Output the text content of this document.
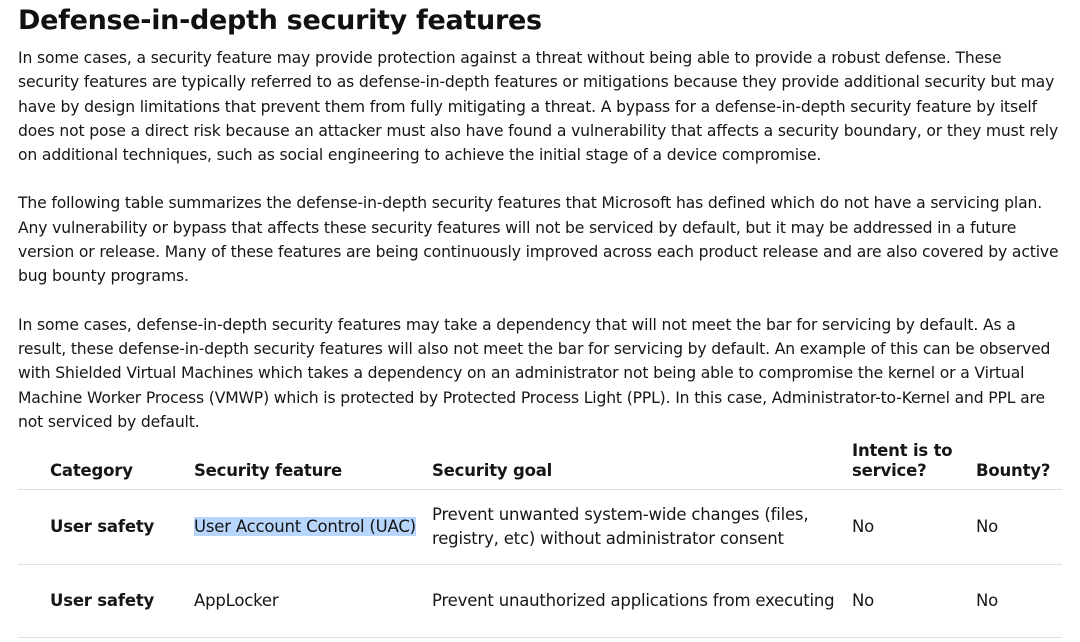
Defense-in-depth security features

In some cases, a security feature may provide protection against a threat without being able to provide a robust defense. These security features are typically referred to as defense-in-depth features or mitigations because they provide additional security but may have by design limitations that prevent them from fully mitigating a threat. A bypass for a defense-in-depth security feature by itself does not pose a direct risk because an attacker must also have found a vulnerability that affects a security boundary, or they must rely on additional techniques, such as social engineering to achieve the initial stage of a device compromise.

The following table summarizes the defense-in-depth security features that Microsoft has defined which do not have a servicing plan. Any vulnerability or bypass that affects these security features will not be serviced by default, but it may be addressed in a future version or release. Many of these features are being continuously improved across each product release and are also covered by active bug bounty programs.

In some cases, defense-in-depth security features may take a dependency that will not meet the bar for servicing by default. As a result, these defense-in-depth security features will also not meet the bar for servicing by default. An example of this can be observed with Shielded Virtual Machines which takes a dependency on an administrator not being able to compromise the kernel or a Virtual Machine Worker Process (VMWP) which is protected by Protected Process Light (PPL). In this case, Administrator-to-Kernel and PPL are not serviced by default.

Category	Security feature	Security goal	Intent is to service?	Bounty?
User safety	User Account Control (UAC)	Prevent unwanted system-wide changes (files, registry, etc) without administrator consent	No	No
User safety	AppLocker	Prevent unauthorized applications from executing	No	No
